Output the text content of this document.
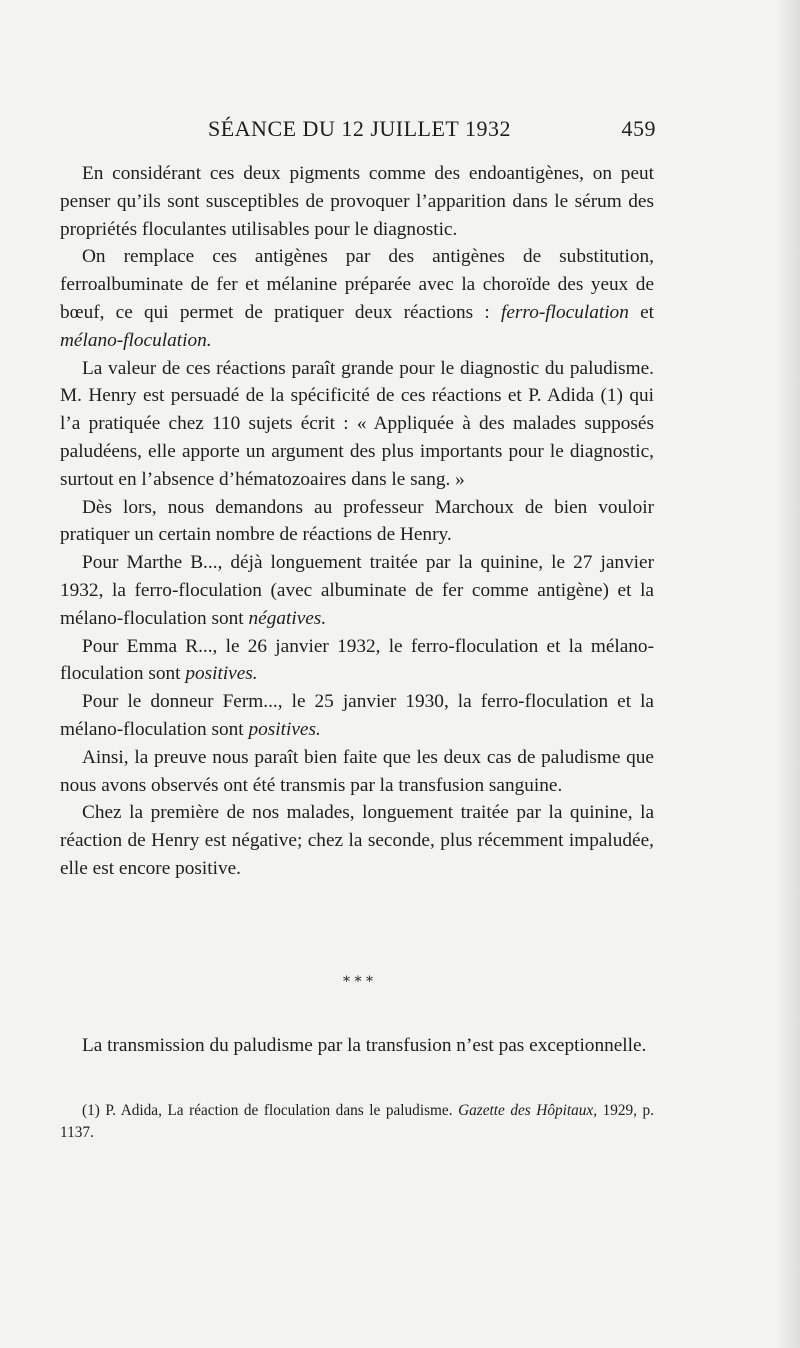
SÉANCE DU 12 JUILLET 1932	459

En considérant ces deux pigments comme des endoantigènes, on peut penser qu’ils sont susceptibles de provoquer l’apparition dans le sérum des propriétés floculantes utilisables pour le diagnostic.

On remplace ces antigènes par des antigènes de substitution, ferroalbuminate de fer et mélanine préparée avec la choroïde des yeux de bœuf, ce qui permet de pratiquer deux réactions : ferro-floculation et mélano-floculation.

La valeur de ces réactions paraît grande pour le diagnostic du paludisme. M. Henry est persuadé de la spécificité de ces réactions et P. Adida (1) qui l’a pratiquée chez 110 sujets écrit : « Appliquée à des malades supposés paludéens, elle apporte un argument des plus importants pour le diagnostic, surtout en l’absence d’hématozoaires dans le sang. »

Dès lors, nous demandons au professeur Marchoux de bien vouloir pratiquer un certain nombre de réactions de Henry.

Pour Marthe B..., déjà longuement traitée par la quinine, le 27 janvier 1932, la ferro-floculation (avec albuminate de fer comme antigène) et la mélano-floculation sont négatives.

Pour Emma R..., le 26 janvier 1932, le ferro-floculation et la mélano-floculation sont positives.

Pour le donneur Ferm..., le 25 janvier 1930, la ferro-floculation et la mélano-floculation sont positives.

Ainsi, la preuve nous paraît bien faite que les deux cas de paludisme que nous avons observés ont été transmis par la transfusion sanguine.

Chez la première de nos malades, longuement traitée par la quinine, la réaction de Henry est négative; chez la seconde, plus récemment impaludée, elle est encore positive.

* * *

La transmission du paludisme par la transfusion n’est pas exceptionnelle.

(1) P. Adida, La réaction de floculation dans le paludisme. Gazette des Hôpitaux, 1929, p. 1137.
